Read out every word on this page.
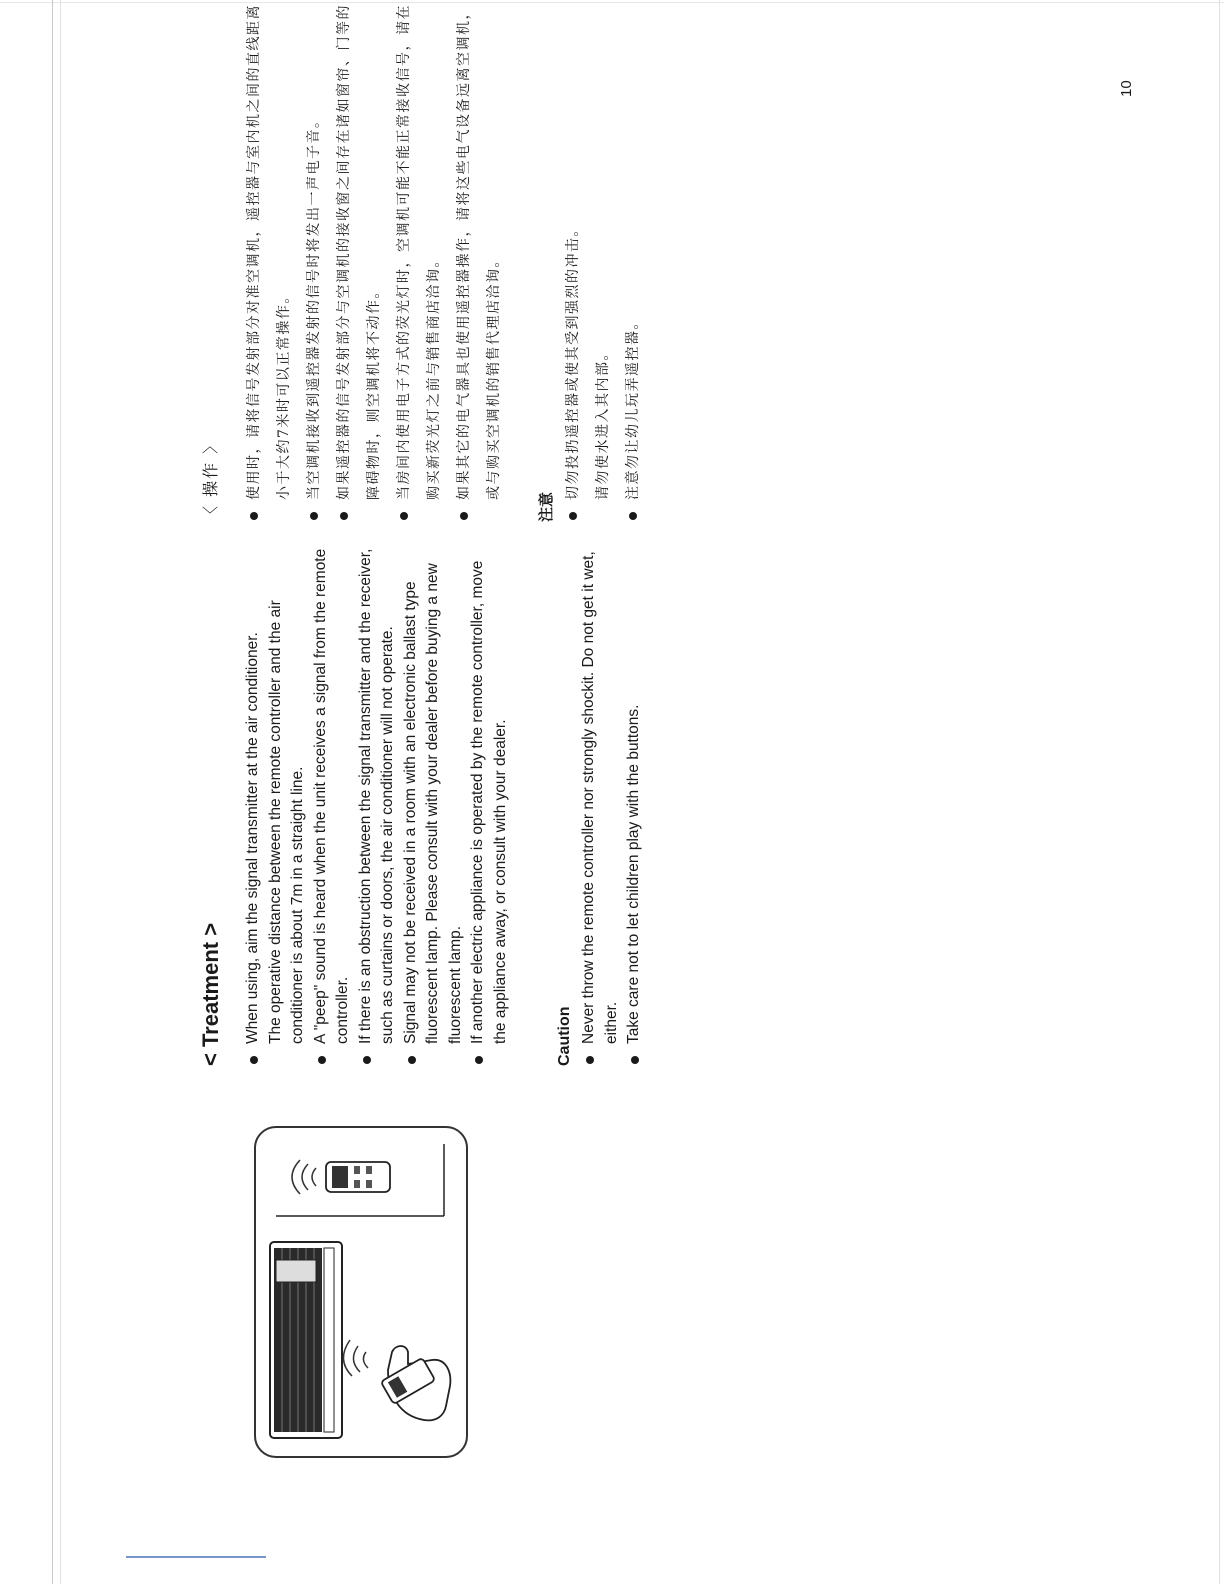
< Treatment > When using, aim the signal transmitter at the air conditioner. The operative distance between the remote controller and the air conditioner is about 7m in a straight line. A "peep" sound is heard when the unit receives a signal from the remote controller. If there is an obstruction between the signal transmitter and the receiver, such as curtains or doors, the air conditioner will not operate. Signal may not be received in a room with an electronic ballast type fluorescent lamp. Please consult with your dealer before buying a new fluorescent lamp. If another electric appliance is operated by the remote controller, move the appliance away, or consult with your dealer.	Caution Never throw the remote controller nor strongly shockit. Do not get it wet, either. Take care not to let children play with the buttons.
〈 操作 〉	使用时，请将信号发射部分对准空调机，遥控器与室内机之间的直线距离小于大约7米时可以正常操作。	当空调机接收到遥控器发射的信号时将发出一声电子音。	如果遥控器的信号发射部分与空调机的接收窗之间存在诸如窗帘、门等的障碍物时，则空调机将不动作。	当房间内使用电子方式的荧光灯时，空调机可能不能正常接收信号，请在购买新荧光灯之前与销售商店洽询。	如果其它的电气器具也使用遥控器操作，请将这些电气设备远离空调机，或与购买空调机的销售代理店洽询。
注意
切勿投扔遥控器或使其受到强烈的冲击。 请勿使水进入其内部。	注意勿让幼儿玩弄遥控器。
10
